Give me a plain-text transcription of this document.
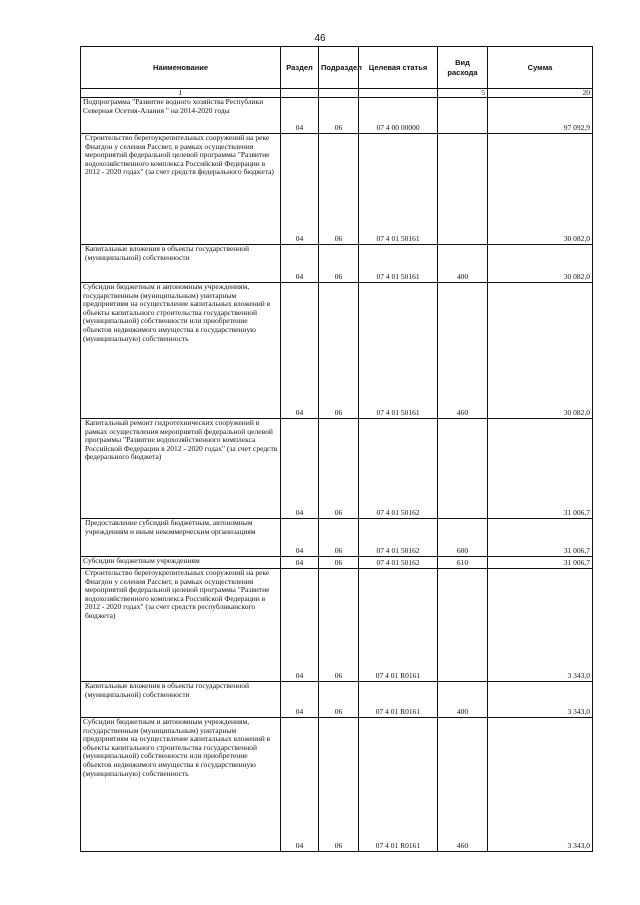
46
Наименование	Раздел	Подраздел	Целевая статья	Вид расхода	Сумма
1				5	20
Подпрограмма "Развитие водного хозяйства Республики Северная Осетия-Алания " на 2014-2020 годы	04	06	07 4 00 00000		97 092,9
Строительство берегоукрепительных сооружений на реке Фиагдон у селения Рассвет, в рамках осуществления мероприятий федеральной целевой программы "Развитие водохозяйственного комплекса Российской Федерации в 2012 - 2020 годах" (за счет средств федерального бюджета)	04	06	07 4 01 50161		30 082,0
Капитальные вложения в объекты государственной (муниципальной) собственности	04	06	07 4 01 50161	400	30 082,0
Субсидии бюджетным и автономным учреждениям, государственным (муниципальным) унитарным предприятиям на осуществление капитальных вложений в объекты капитального строительства государственной (муниципальной) собственности или приобретение объектов недвижимого имущества в государственную (муниципальную) собственность	04	06	07 4 01 50161	460	30 082,0
Капитальный ремонт гидротехнических сооружений в рамках осуществления мероприятий федеральной целевой программы "Развитие водохозяйственного комплекса Российской Федерации в 2012 - 2020 годах" (за счет средств федерального бюджета)	04	06	07 4 01 50162		31 006,7
Предоставление субсидий бюджетным, автономным учреждениям и иным некоммерческим организациям	04	06	07 4 01 50162	600	31 006,7
Субсидии бюджетным учреждениям	04	06	07 4 01 50162	610	31 006,7
Строительство берегоукрепительных сооружений на реке Фиагдон у селения Рассвет, в рамках осуществления мероприятий федеральной целевой программы "Развитие водохозяйственного комплекса Российской Федерации в 2012 - 2020 годах" (за счет средств республиканского бюджета)	04	06	07 4 01 R0161		3 343,0
Капитальные вложения в объекты государственной (муниципальной) собственности	04	06	07 4 01 R0161	400	3 343,0
Субсидии бюджетным и автономным учреждениям, государственным (муниципальным) унитарным предприятиям на осуществление капитальных вложений в объекты капитального строительства государственной (муниципальной) собственности или приобретение объектов недвижимого имущества в государственную (муниципальную) собственность	04	06	07 4 01 R0161	460	3 343,0
